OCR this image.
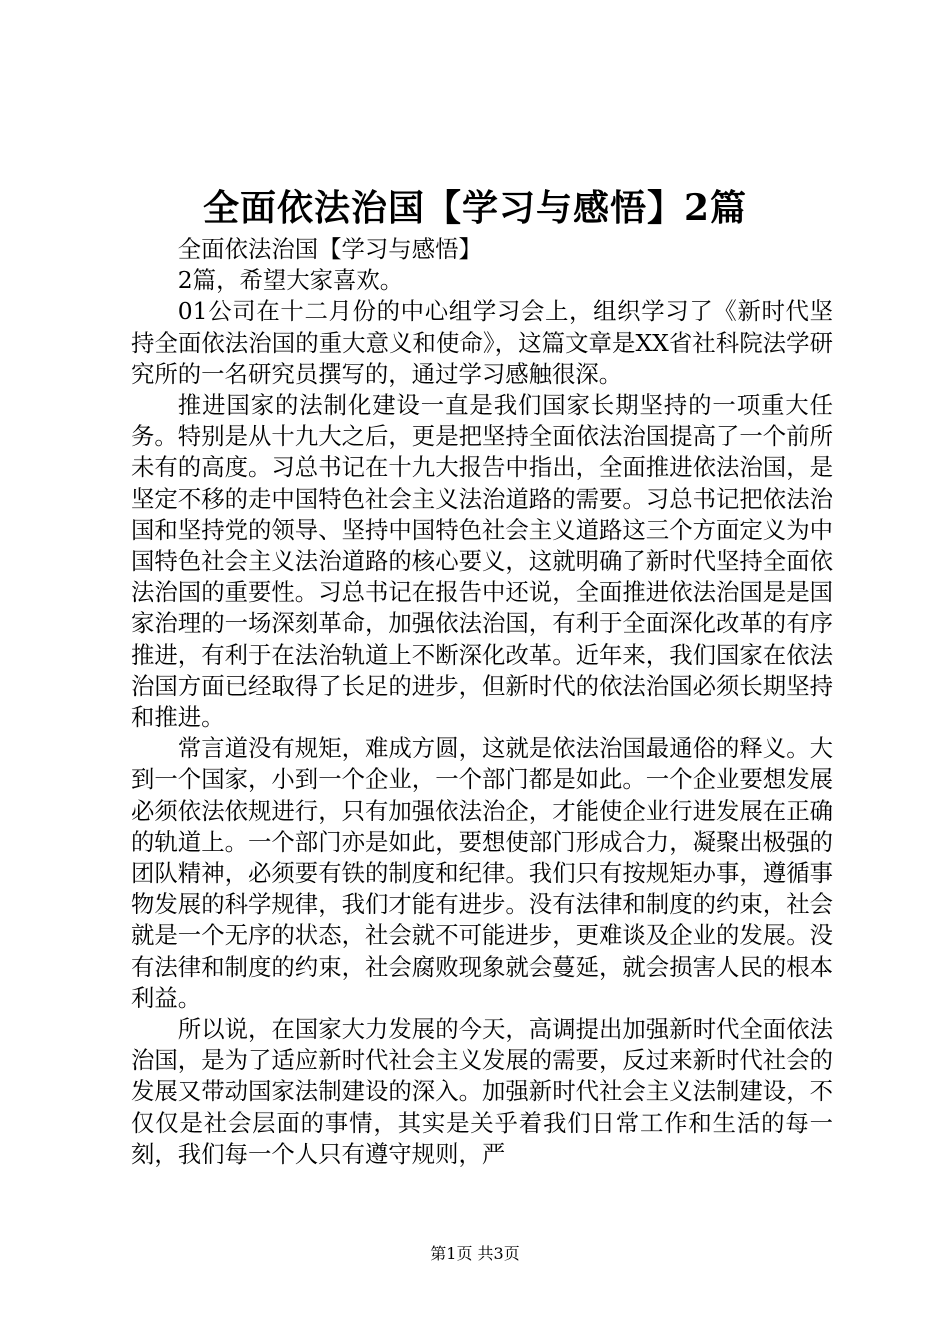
全面依法治国【学习与感悟】2篇

全面依法治国【学习与感悟】

2篇，希望大家喜欢。

01公司在十二月份的中心组学习会上，组织学习了《新时代坚持全面依法治国的重大意义和使命》，这篇文章是XX省社科院法学研究所的一名研究员撰写的，通过学习感触很深。

推进国家的法制化建设一直是我们国家长期坚持的一项重大任务。特别是从十九大之后，更是把坚持全面依法治国提高了一个前所未有的高度。习总书记在十九大报告中指出，全面推进依法治国，是坚定不移的走中国特色社会主义法治道路的需要。习总书记把依法治国和坚持党的领导、坚持中国特色社会主义道路这三个方面定义为中国特色社会主义法治道路的核心要义，这就明确了新时代坚持全面依法治国的重要性。习总书记在报告中还说，全面推进依法治国是是国家治理的一场深刻革命，加强依法治国，有利于全面深化改革的有序推进，有利于在法治轨道上不断深化改革。近年来，我们国家在依法治国方面已经取得了长足的进步，但新时代的依法治国必须长期坚持和推进。

常言道没有规矩，难成方圆，这就是依法治国最通俗的释义。大到一个国家，小到一个企业，一个部门都是如此。一个企业要想发展必须依法依规进行，只有加强依法治企，才能使企业行进发展在正确的轨道上。一个部门亦是如此，要想使部门形成合力，凝聚出极强的团队精神，必须要有铁的制度和纪律。我们只有按规矩办事，遵循事物发展的科学规律，我们才能有进步。没有法律和制度的约束，社会就是一个无序的状态，社会就不可能进步，更难谈及企业的发展。没有法律和制度的约束，社会腐败现象就会蔓延，就会损害人民的根本利益。

所以说，在国家大力发展的今天，高调提出加强新时代全面依法治国，是为了适应新时代社会主义发展的需要，反过来新时代社会的发展又带动国家法制建设的深入。加强新时代社会主义法制建设，不仅仅是社会层面的事情，其实是关乎着我们日常工作和生活的每一刻，我们每一个人只有遵守规则，严

第1页 共3页
